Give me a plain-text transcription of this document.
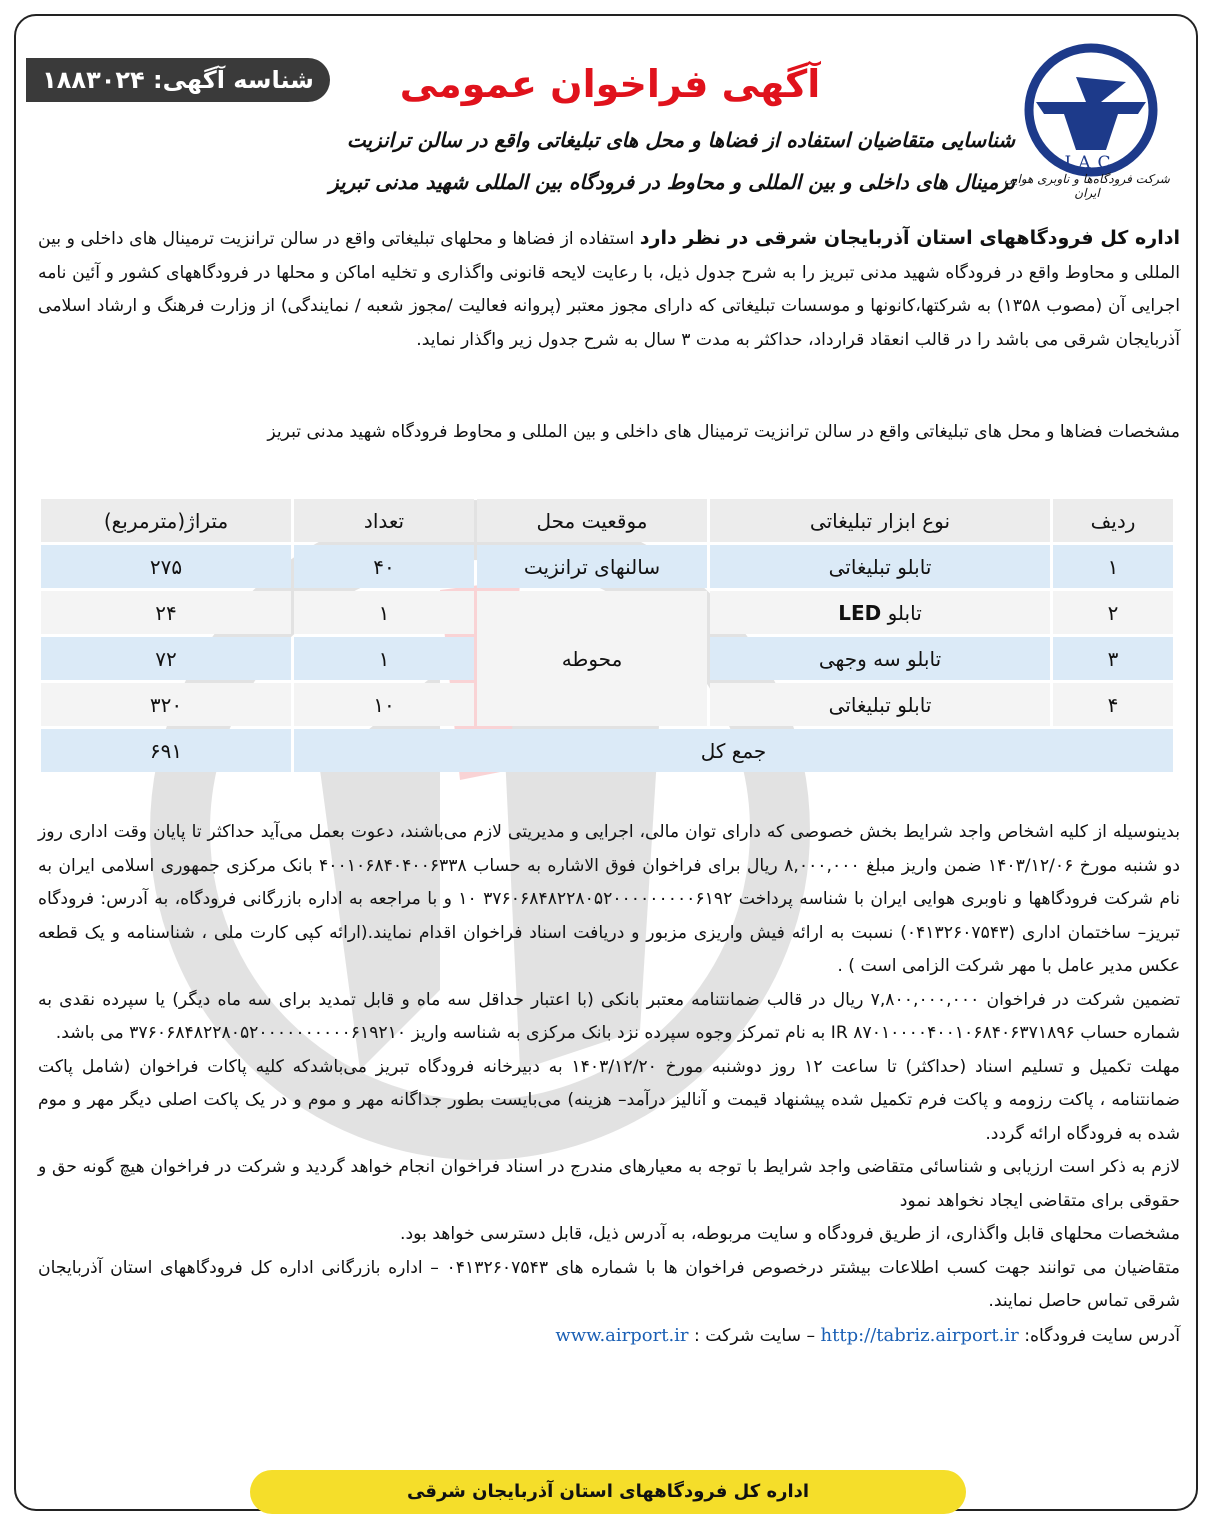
IAC
شرکت فرودگاه‌ها و ناوبری هوایی ایران
شناسه آگهی: ۱۸۸۳۰۲۴	آگهی فراخوان عمومی
شناسایی متقاضیان استفاده از فضاها و محل های تبلیغاتی واقع در سالن ترانزیت
ترمینال های داخلی و بین المللی و محاوط در فرودگاه بین المللی شهید مدنی تبریز
اداره کل فرودگاههای استان آذربایجان شرقی در نظر دارد استفاده از فضاها و محلهای تبلیغاتی واقع در سالن ترانزیت ترمینال های داخلی و بین المللی و محاوط واقع در فرودگاه شهید مدنی تبریز را به شرح جدول ذیل، با رعایت لایحه قانونی واگذاری و تخلیه اماکن و محلها در فرودگاههای کشور و آئین نامه اجرایی آن (مصوب ۱۳۵۸) به شرکتها،کانونها و موسسات تبلیغاتی که دارای مجوز معتبر (پروانه فعالیت /مجوز شعبه / نمایندگی) از وزارت فرهنگ و ارشاد اسلامی آذربایجان شرقی می باشد را در قالب انعقاد قرارداد، حداکثر به مدت ۳ سال به شرح جدول زیر واگذار نماید.
مشخصات فضاها و محل های تبلیغاتی واقع در سالن ترانزیت ترمینال های داخلی و بین المللی و محاوط فرودگاه شهید مدنی تبریز
ردیف	نوع ابزار تبلیغاتی	موقعیت محل	تعداد	متراژ(مترمربع)
۱	تابلو تبلیغاتی	سالنهای ترانزیت	۴۰	۲۷۵
۲	تابلو LED	محوطه	۱	۲۴
۳	تابلو سه وجهی		۱	۷۲
۴	تابلو تبلیغاتی		۱۰	۳۲۰
جمع کل				۶۹۱

بدینوسیله از کلیه اشخاص واجد شرایط بخش خصوصی که دارای توان مالی، اجرایی و مدیریتی لازم می‌باشند، دعوت بعمل می‌آید حداکثر تا پایان وقت اداری روز دو شنبه مورخ ۱۴۰۳/۱۲/۰۶ ضمن واریز مبلغ ۸,۰۰۰,۰۰۰ ریال برای فراخوان فوق الاشاره به حساب ۴۰۰۱۰۶۸۴۰۴۰۰۶۳۳۸ بانک مرکزی جمهوری اسلامی ایران به نام شرکت فرودگاهها و ناوبری هوایی ایران با شناسه پرداخت ۳۷۶۰۶۸۴۸۲۲۸۰۵۲۰۰۰۰۰۰۰۰۰۶۱۹۲ ۱۰ و با مراجعه به اداره بازرگانی فرودگاه، به آدرس: فرودگاه تبریز– ساختمان اداری (۰۴۱۳۲۶۰۷۵۴۳) نسبت به ارائه فیش واریزی مزبور و دریافت اسناد فراخوان اقدام نمایند.(ارائه کپی کارت ملی ، شناسنامه و یک قطعه عکس مدیر عامل با مهر شرکت الزامی است ) .

تضمین شرکت در فراخوان ۷,۸۰۰,۰۰۰,۰۰۰ ریال در قالب ضمانتنامه معتبر بانکی (با اعتبار حداقل سه ماه و قابل تمدید برای سه ماه دیگر) یا سپرده نقدی به شماره حساب ۸۷۰۱۰۰۰۰۴۰۰۱۰۶۸۴۰۶۳۷۱۸۹۶ IR به نام تمرکز وجوه سپرده نزد بانک مرکزی به شناسه واریز ۳۷۶۰۶۸۴۸۲۲۸۰۵۲۰۰۰۰۰۰۰۰۰۰۶۱۹۲۱۰ می باشد.

مهلت تکمیل و تسلیم اسناد (حداکثر) تا ساعت ۱۲ روز دوشنبه مورخ ۱۴۰۳/۱۲/۲۰ به دبیرخانه فرودگاه تبریز می‌باشدکه کلیه پاکات فراخوان (شامل پاکت ضمانتنامه ، پاکت رزومه و پاکت فرم تکمیل شده پیشنهاد قیمت و آنالیز درآمد– هزینه) می‌بایست بطور جداگانه مهر و موم و در یک پاکت اصلی دیگر مهر و موم شده به فرودگاه ارائه گردد.

لازم به ذکر است ارزیابی و شناسائی متقاضی واجد شرایط با توجه به معیارهای مندرج در اسناد فراخوان انجام خواهد گردید و شرکت در فراخوان هیچ گونه حق و حقوقی برای متقاضی ایجاد نخواهد نمود

مشخصات محلهای قابل واگذاری، از طریق فرودگاه و سایت مربوطه، به آدرس ذیل، قابل دسترسی خواهد بود.

متقاضیان می توانند جهت کسب اطلاعات بیشتر درخصوص فراخوان ها با شماره های ۰۴۱۳۲۶۰۷۵۴۳ – اداره بازرگانی اداره کل فرودگاههای استان آذربایجان شرقی تماس حاصل نمایند.

آدرس سایت فرودگاه: http://tabriz.airport.ir – سایت شرکت : www.airport.ir

اداره کل فرودگاههای استان آذربایجان شرقی
